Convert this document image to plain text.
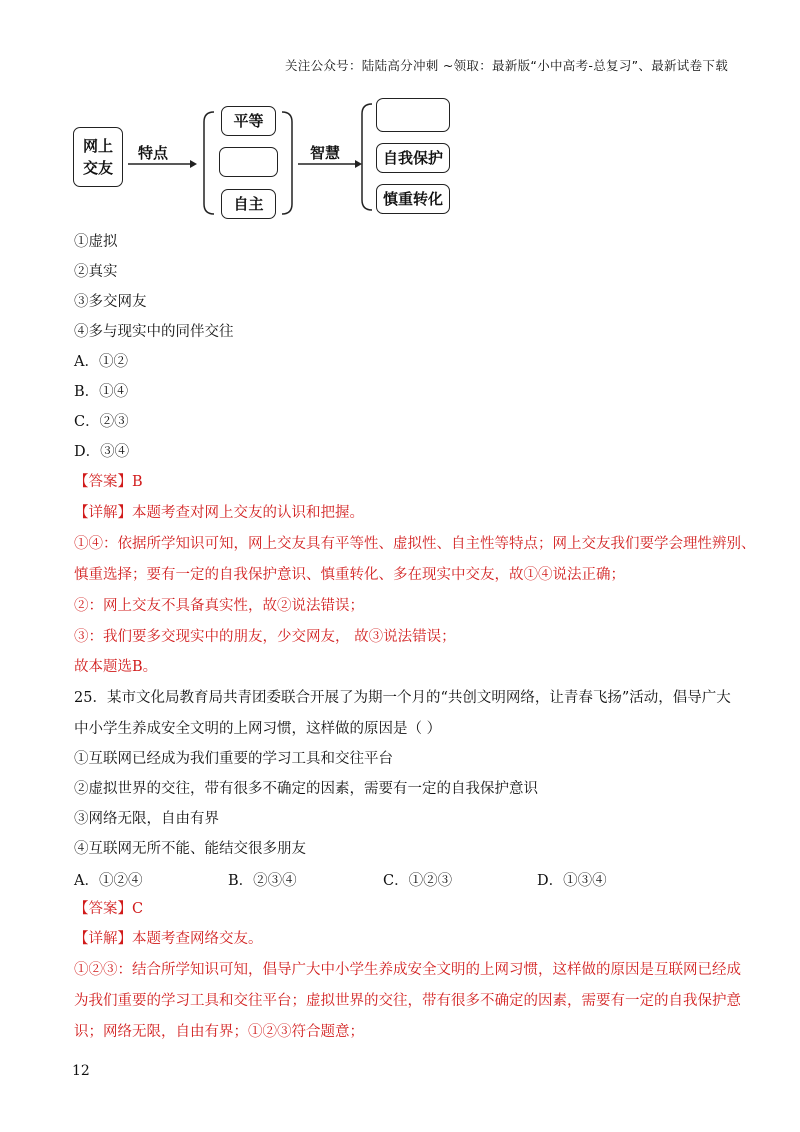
关注公众号：陆陆高分冲刺 ~领取：最新版“小中高考-总复习”、最新试卷下载
网上
交友
特点
平等
自主
智慧	自我保护
慎重转化
①虚拟
②真实
③多交网友
④多与现实中的同伴交往
A．①②
B．①④
C．②③
D．③④
【答案】B
【详解】本题考查对网上交友的认识和把握。
①④：依据所学知识可知，网上交友具有平等性、虚拟性、自主性等特点；网上交友我们要学会理性辨别、
慎重选择；要有一定的自我保护意识、慎重转化、多在现实中交友，故①④说法正确；
②：网上交友不具备真实性，故②说法错误；
③：我们要多交现实中的朋友，少交网友， 故③说法错误；
故本题选B。
25．某市文化局教育局共青团委联合开展了为期一个月的“共创文明网络，让青春飞扬”活动，倡导广大
中小学生养成安全文明的上网习惯，这样做的原因是（ ）
①互联网已经成为我们重要的学习工具和交往平台
②虚拟世界的交往，带有很多不确定的因素，需要有一定的自我保护意识
③网络无限，自由有界
④互联网无所不能、能结交很多朋友
A．①②④	B．②③④	C．①②③	D．①③④
【答案】C
【详解】本题考查网络交友。
①②③：结合所学知识可知，倡导广大中小学生养成安全文明的上网习惯，这样做的原因是互联网已经成
为我们重要的学习工具和交往平台；虚拟世界的交往，带有很多不确定的因素，需要有一定的自我保护意
识；网络无限，自由有界；①②③符合题意；
12
